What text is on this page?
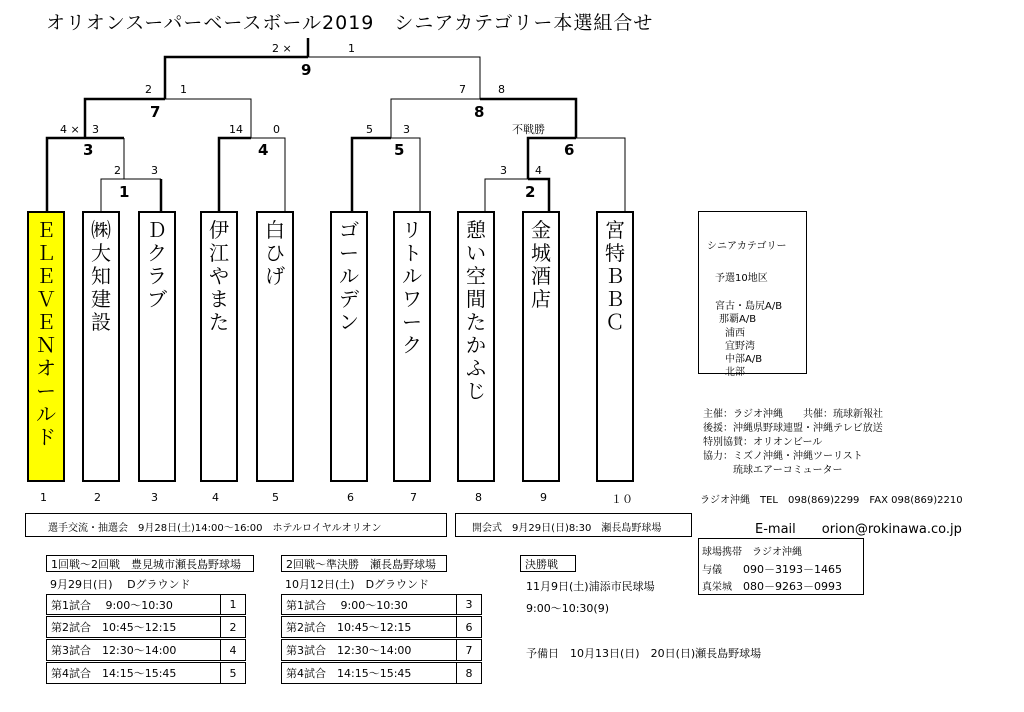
オリオンスーパーベースボール2019　シニアカテゴリー本選組合せ
2 ×	1
9
2	1
7
7	8
8
4 × 3
3
14	0
4
5	3
5
不戦勝
6
2	3
1
3	4
2
Ｅ
Ｌ
Ｅ
Ｖ
Ｅ
Ｎ
オ
ー
ル
ド
㈱
大
知
建
設
Ｄ
ク
ラ
ブ
伊
江
や
ま
た
白
ひ
げ
ゴ
ー
ル
デ
ン
リ
ト
ル
ワ
ー
ク
憩
い
空
間
た
か
ふ
じ
金
城
酒
店
宮
特
Ｂ
Ｂ
Ｃ
1	2	3	4	5	6	7	8	9	１０
シニアカテゴリー
予選10地区
宮古・島尻A/B
那覇A/B
浦西
宜野湾
中部A/B
北部
主催：ラジオ沖縄　　共催：琉球新報社
後援：沖縄県野球連盟・沖縄テレビ放送
特別協賛：オリオンビール
協力：ミズノ沖縄・沖縄ツーリスト
　　　琉球エアーコミューター
ラジオ沖縄　TEL　098(869)2299　FAX 098(869)2210
選手交流・抽選会　9月28日(土)14:00～16:00　ホテルロイヤルオリオン	開会式　9月29日(日)8:30　瀬長島野球場	E-mail　　orion@rokinawa.co.jp
球場携帯　ラジオ沖縄
与儀 090－3193－1465
真栄城 080－9263－0993
1回戦～2回戦　豊見城市瀬長島野球場
9月29日(日)　 Dグラウンド
第1試合　 9:00～10:30	1
第2試合　10:45～12:15	2
第3試合　12:30～14:00	4
第4試合　14:15～15:45	5
2回戦～準決勝　瀬長島野球場
10月12日(土)　Dグラウンド
第1試合　 9:00～10:30	3
第2試合　10:45～12:15	6
第3試合　12:30～14:00	7
第4試合　14:15～15:45	8
決勝戦
11月9日(土)浦添市民球場
9:00～10:30(9)
予備日　10月13日(日)　20日(日)瀬長島野球場
